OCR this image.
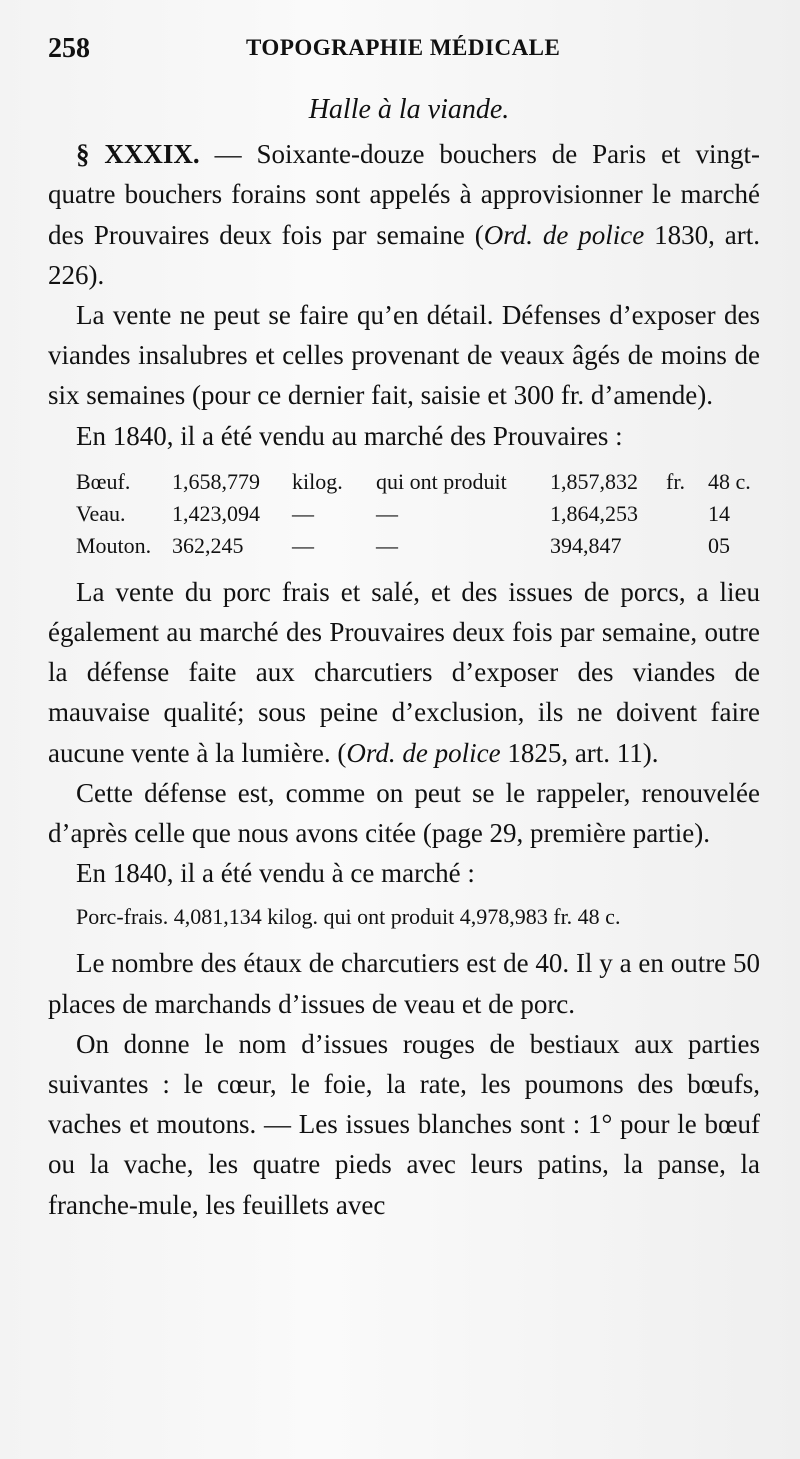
258	TOPOGRAPHIE MÉDICALE
Halle à la viande.

§ XXXIX. — Soixante-douze bouchers de Paris et vingt-quatre bouchers forains sont appelés à approvisionner le marché des Prouvaires deux fois par semaine (Ord. de police 1830, art. 226).

La vente ne peut se faire qu’en détail. Défenses d’exposer des viandes insalubres et celles provenant de veaux âgés de moins de six semaines (pour ce dernier fait, saisie et 300 fr. d’amende).

En 1840, il a été vendu au marché des Prouvaires :

Bœuf. 1,658,779 kilog. qui ont produit 1,857,832 fr. 48 c.
Veau. 1,423,094 —	—	1,864,253	14
Mouton. 362,245 —	—	394,847	05

La vente du porc frais et salé, et des issues de porcs, a lieu également au marché des Prouvaires deux fois par semaine, outre la défense faite aux charcutiers d’exposer des viandes de mauvaise qualité; sous peine d’exclusion, ils ne doivent faire aucune vente à la lumière. (Ord. de police 1825, art. 11).

Cette défense est, comme on peut se le rappeler, renouvelée d’après celle que nous avons citée (page 29, première partie).

En 1840, il a été vendu à ce marché :

Porc-frais. 4,081,134 kilog. qui ont produit 4,978,983 fr. 48 c.

Le nombre des étaux de charcutiers est de 40. Il y a en outre 50 places de marchands d’issues de veau et de porc.

On donne le nom d’issues rouges de bestiaux aux parties suivantes : le cœur, le foie, la rate, les poumons des bœufs, vaches et moutons. — Les issues blanches sont : 1° pour le bœuf ou la vache, les quatre pieds avec leurs patins, la panse, la franche-mule, les feuillets avec
